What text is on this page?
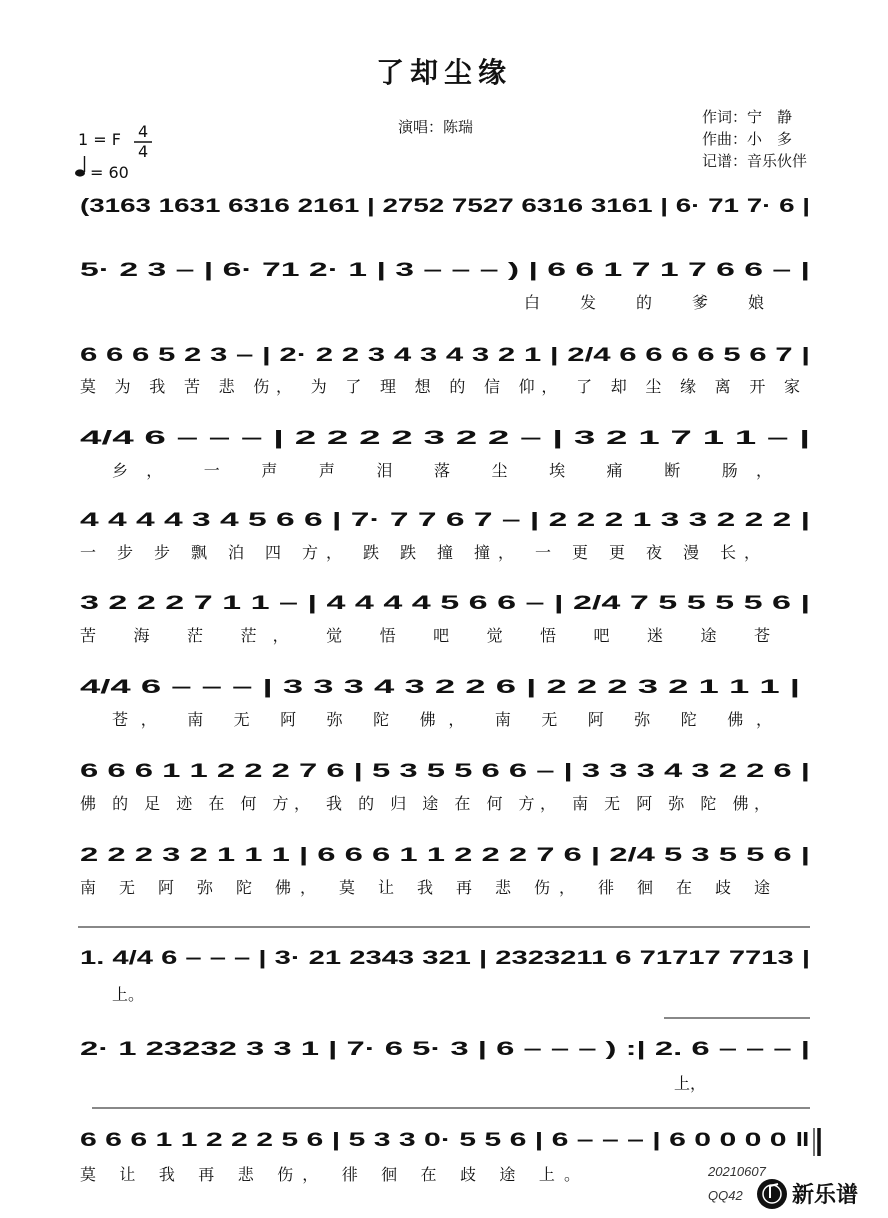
了却尘缘
演唱：陈瑞
作词：宁　静
作曲：小　多
记谱：音乐伙伴
1 = F 4
4
= 60
(3163 1631 6316 2161 | 2752 7527 6316 3161 | 6· 71 7· 6 |
5· 2 3 – | 6· 71 2· 1 | 3 – – – ) | 6 6 1 7 1 7 6 6 – |
白 发 的 爹 娘
6 6 6 5 2 3 – | 2· 2 2 3 4 3 4 3 2 1 | 2/4 6 6 6 6 5 6 7 |
莫 为 我 苦 悲 伤， 为 了 理 想 的 信 仰， 了 却 尘 缘 离 开 家
4/4 6 – – – | 2 2 2 2 3 2 2 – | 3 2 1 7 1 1 – |
乡， 一 声 声 泪 落 尘 埃 痛 断 肠，
4 4 4 4 3 4 5 6 6 | 7· 7 7 6 7 – | 2 2 2 1 3 3 2 2 2 |
一 步 步 飘 泊 四 方， 跌 跌 撞 撞， 一 更 更 夜 漫 长，
3 2 2 2 7 1 1 – | 4 4 4 4 5 6 6 – | 2/4 7 5 5 5 5 6 |
苦 海 茫 茫， 觉 悟 吧 觉 悟 吧 迷 途 苍
4/4 6 – – – | 3 3 3 4 3 2 2 6 | 2 2 2 3 2 1 1 1 |
苍， 南 无 阿 弥 陀 佛， 南 无 阿 弥 陀 佛，
6 6 6 1 1 2 2 2 7 6 | 5 3 5 5 6 6 – | 3 3 3 4 3 2 2 6 |
佛 的 足 迹 在 何 方， 我 的 归 途 在 何 方， 南 无 阿 弥 陀 佛，
2 2 2 3 2 1 1 1 | 6 6 6 1 1 2 2 2 7 6 | 2/4 5 3 5 5 6 |
南 无 阿 弥 陀 佛， 莫 让 我 再 悲 伤， 徘 徊 在 歧 途
1. 4/4 6 – – – | 3· 21 2343 321 | 2323211 6 71717 7713 |
上。
2· 1 23232 3 3 1 | 7· 6 5· 3 | 6 – – – ) :| 2. 6 – – – |
上，
6 6 6 1 1 2 2 2 5 6 | 5 3 3 0· 5 5 6 | 6 – – – | 6 0 0 0 0 ‖
莫 让 我 再 悲 伤， 徘 徊 在 歧 途 上。	20210607
QQ42 新乐谱
